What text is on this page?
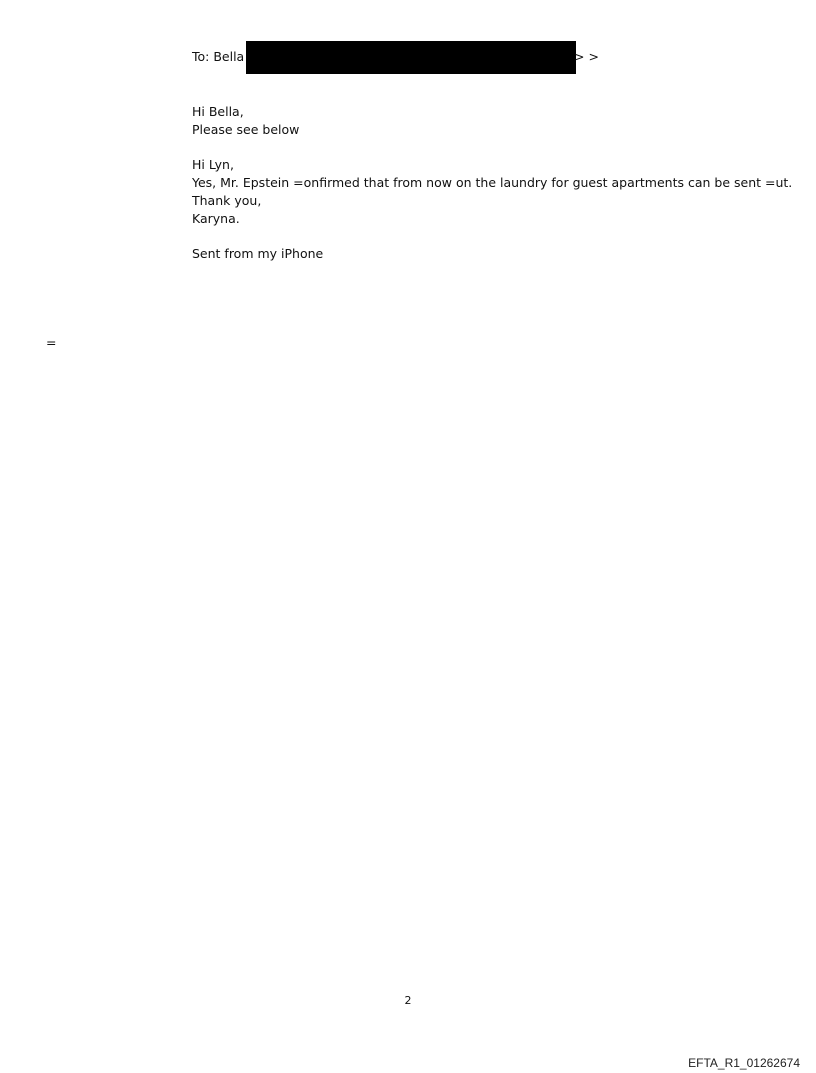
To: Bella	> >
Hi Bella,
Please see below
Hi Lyn,
Yes, Mr. Epstein =onfirmed that from now on the laundry for guest apartments can be sent =ut.
Thank you,
Karyna.
Sent from my iPhone
=
2
EFTA_R1_01262674
